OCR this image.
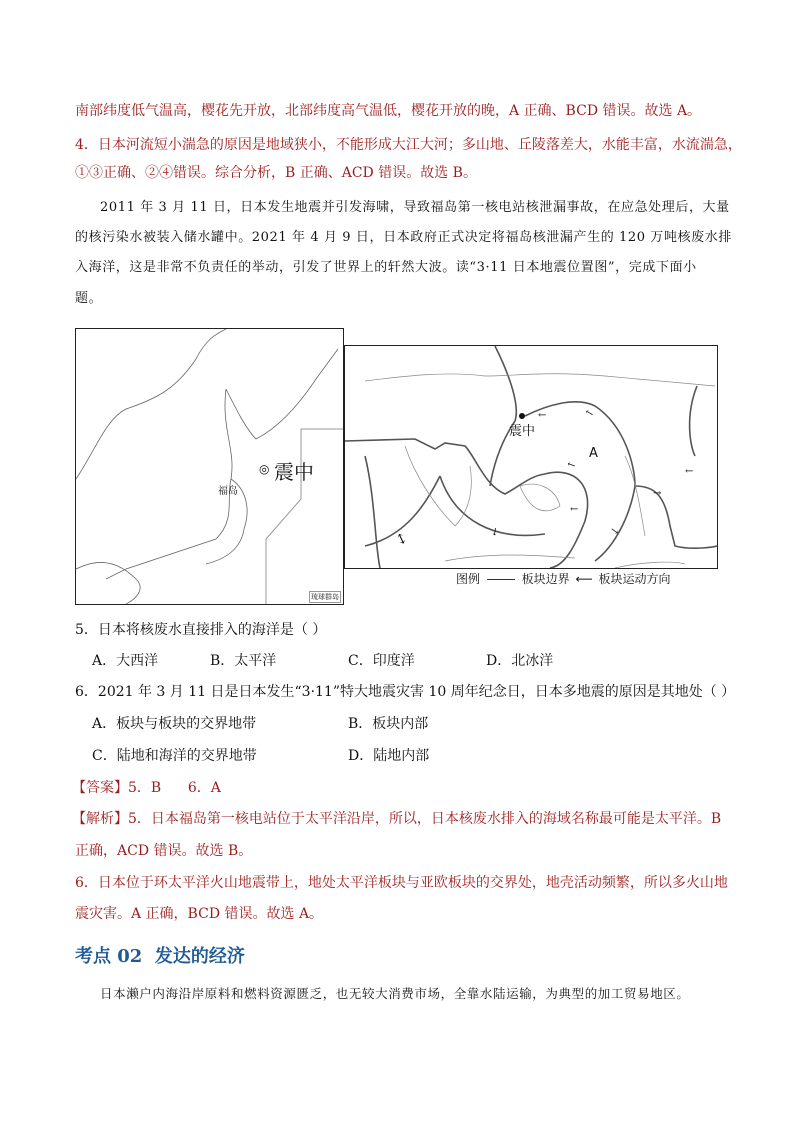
南部纬度低气温高，樱花先开放，北部纬度高气温低，樱花开放的晚，A 正确、BCD 错误。故选 A。
4．日本河流短小湍急的原因是地域狭小，不能形成大江大河；多山地、丘陵落差大，水能丰富，水流湍急，
①③正确、②④错误。综合分析，B 正确、ACD 错误。故选 B。
2011 年 3 月 11 日，日本发生地震并引发海啸，导致福岛第一核电站核泄漏事故，在应急处理后，大量
的核污染水被装入储水罐中。2021 年 4 月 9 日，日本政府正式决定将福岛核泄漏产生的 120 万吨核废水排
入海洋，这是非常不负责任的举动，引发了世界上的轩然大波。读“3·11 日本地震位置图”，完成下面小
题。
◎ 震中
福岛
琉球群岛
震中
A
←	←
←
←
←
→
→
→
↔
图例	板块边界 ⟵ 板块运动方向
5．日本将核废水直接排入的海洋是（ ）
A．大西洋	B．太平洋	C．印度洋	D．北冰洋
6．2021 年 3 月 11 日是日本发生“3·11”特大地震灾害 10 周年纪念日，日本多地震的原因是其地处（ ）
A．板块与板块的交界地带	B．板块内部
C．陆地和海洋的交界地带	D．陆地内部
【答案】5．B      6．A
【解析】5．日本福岛第一核电站位于太平洋沿岸，所以，日本核废水排入的海域名称最可能是太平洋。B
正确，ACD 错误。故选 B。
6．日本位于环太平洋火山地震带上，地处太平洋板块与亚欧板块的交界处，地壳活动频繁，所以多火山地
震灾害。A 正确，BCD 错误。故选 A。
考点 02  发达的经济
日本濑户内海沿岸原料和燃料资源匮乏，也无较大消费市场，全靠水陆运输，为典型的加工贸易地区。
